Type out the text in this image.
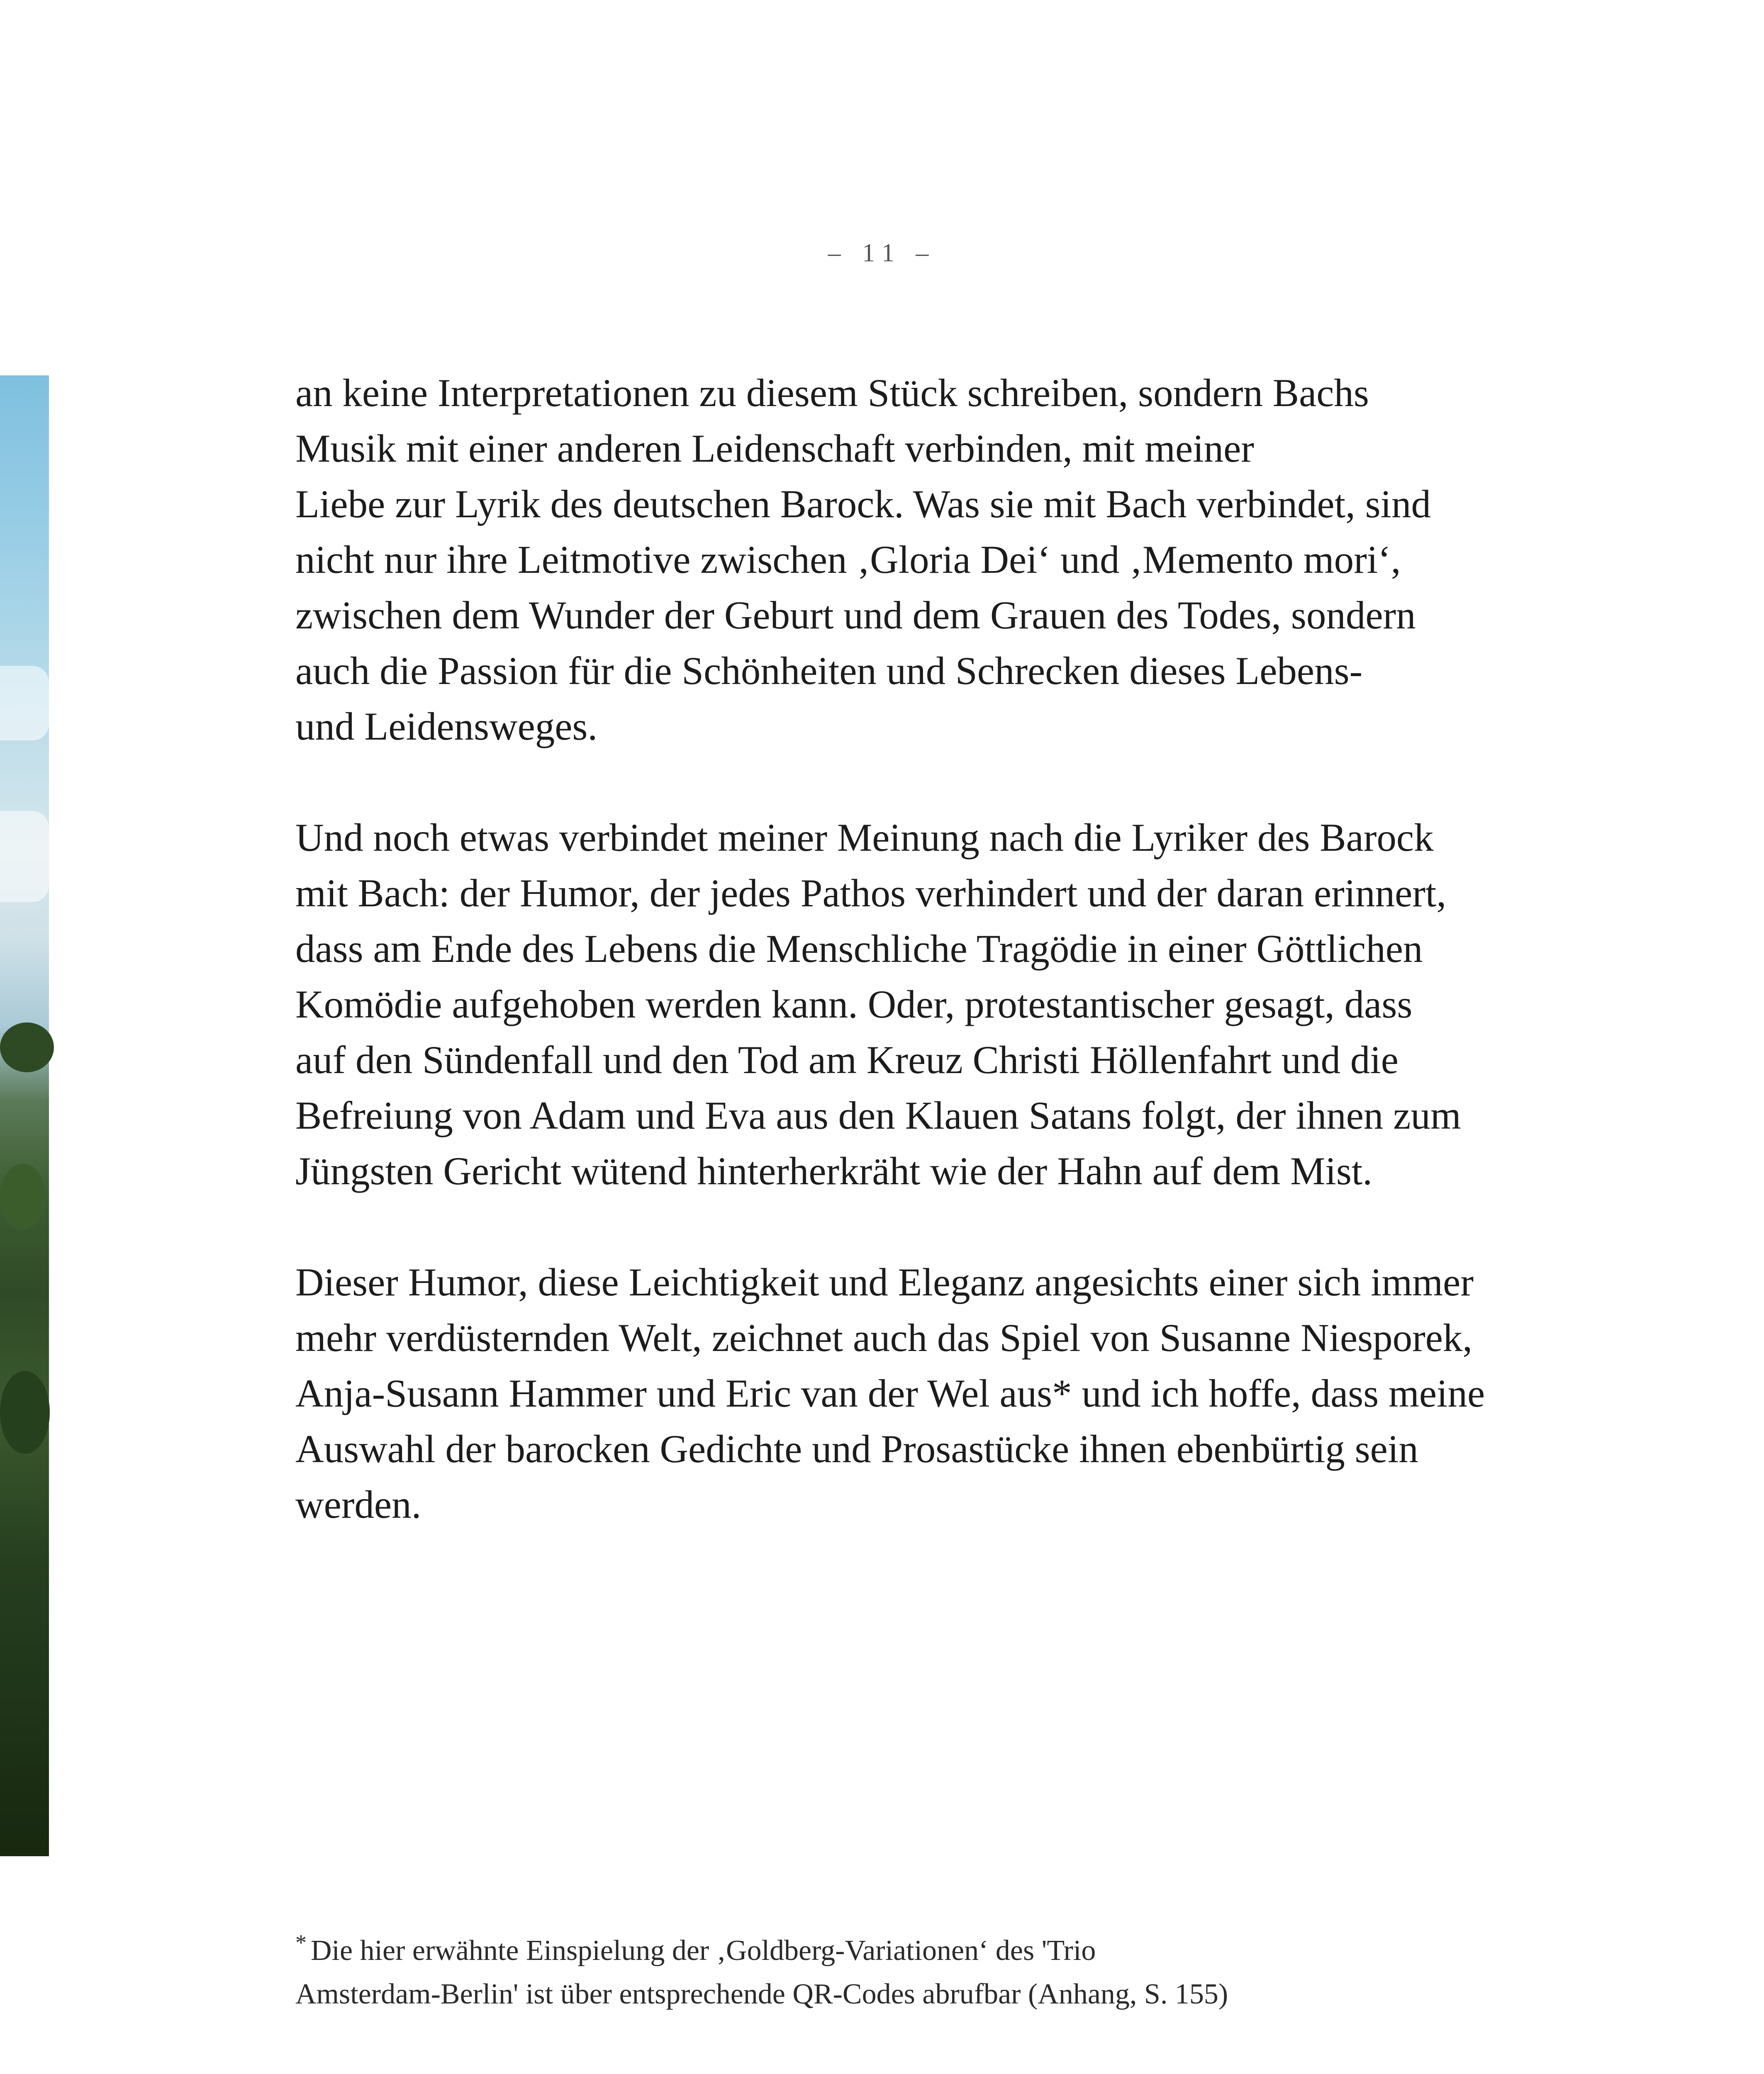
– 11 –

an keine Interpretationen zu diesem Stück schreiben, sondern Bachs
Musik mit einer anderen Leidenschaft verbinden, mit meiner
Liebe zur Lyrik des deutschen Barock. Was sie mit Bach verbindet, sind
nicht nur ihre Leitmotive zwischen ‚Gloria Dei‘ und ‚Memento mori‘,
zwischen dem Wunder der Geburt und dem Grauen des Todes, sondern
auch die Passion für die Schönheiten und Schrecken dieses Lebens-
und Leidensweges.

Und noch etwas verbindet meiner Meinung nach die Lyriker des Barock
mit Bach: der Humor, der jedes Pathos verhindert und der daran erinnert,
dass am Ende des Lebens die Menschliche Tragödie in einer Göttlichen
Komödie aufgehoben werden kann. Oder, protestantischer gesagt, dass
auf den Sündenfall und den Tod am Kreuz Christi Höllenfahrt und die
Befreiung von Adam und Eva aus den Klauen Satans folgt, der ihnen zum
Jüngsten Gericht wütend hinterherkräht wie der Hahn auf dem Mist.

Dieser Humor, diese Leichtigkeit und Eleganz angesichts einer sich immer
mehr verdüsternden Welt, zeichnet auch das Spiel von Susanne Niesporek,
Anja-Susann Hammer und Eric van der Wel aus* und ich hoffe, dass meine
Auswahl der barocken Gedichte und Prosastücke ihnen ebenbürtig sein
werden.

* Die hier erwähnte Einspielung der ‚Goldberg-Variationen‘ des 'Trio
Amsterdam-Berlin' ist über entsprechende QR-Codes abrufbar (Anhang, S. 155)
